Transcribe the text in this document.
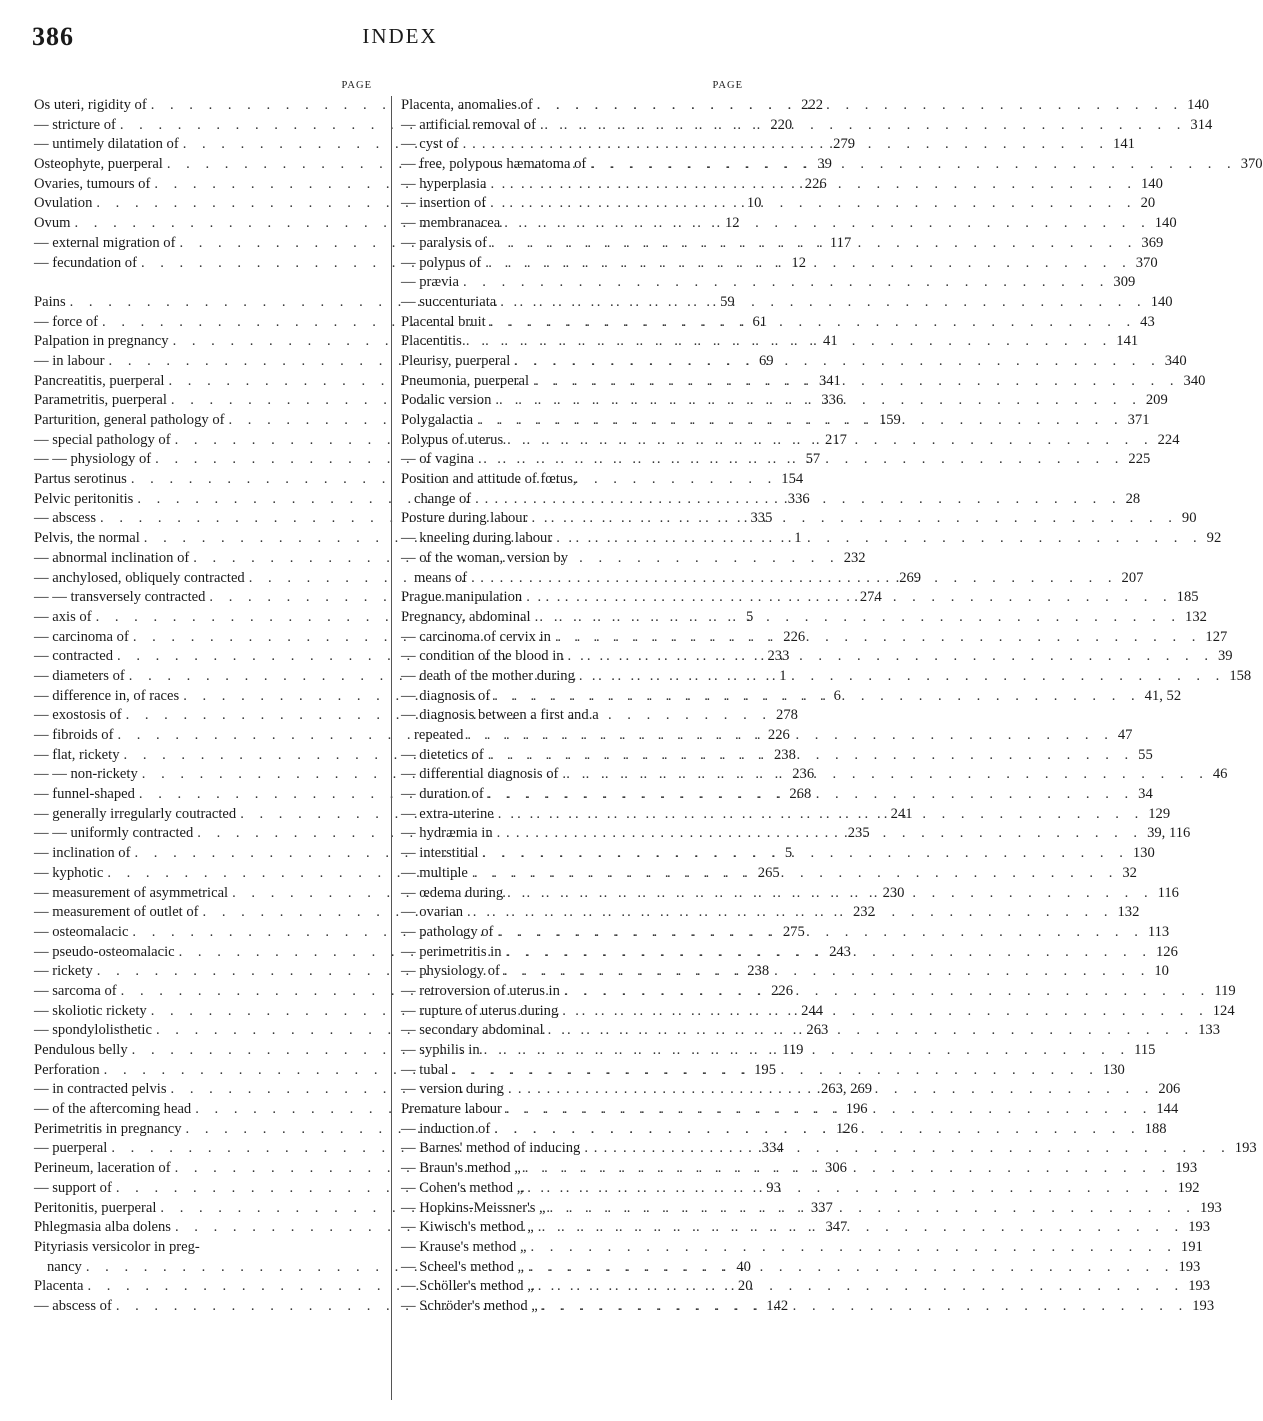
386	INDEX
PAGE
Os uteri, rigidity of . . .	222
— stricture of . . .	220
— untimely dilatation of . . .	279
Osteophyte, puerperal . . .	39
Ovaries, tumours of . . .	226
Ovulation . . .	10
Ovum . . .	12
— external migration of . . .	117
— fecundation of . . .	12
Pains . . .	59
— force of . . .	61
Palpation in pregnancy . . .	41
— in labour . . .	69
Pancreatitis, puerperal . . .	341
Parametritis, puerperal . . .	336
Parturition, general pathology of . . .	159
— special pathology of . . .	217
— — physiology of . . .	57
Partus serotinus . . .	154
Pelvic peritonitis . . .	336
— abscess . . .	335
Pelvis, the normal . . .	1
— abnormal inclination of . . .	232
— anchylosed, obliquely contracted . . .	269
— — transversely contracted . . .	274
— axis of . . .	5
— carcinoma of . . .	226
— contracted . . .	233
— diameters of . . .	1
— difference in, of races . . .	6
— exostosis of . . .	278
— fibroids of . . .	226
— flat, rickety . . .	238
— — non-rickety . . .	236
— funnel-shaped . . .	268
— generally irregularly coutracted . . .	241
— — uniformly contracted . . .	235
— inclination of . . .	5
— kyphotic . . .	265
— measurement of asymmetrical . . .	230
— measurement of outlet of . . .	232
— osteomalacic . . .	275
— pseudo-osteomalacic . . .	243
— rickety . . .	238
— sarcoma of . . .	226
— skoliotic rickety . . .	244
— spondylolisthetic . . .	263
Pendulous belly . . .	119
Perforation . . .	195
— in contracted pelvis . . .	263, 269
— of the aftercoming head . . .	196
Perimetritis in pregnancy . . .	126
— puerperal . . .	334
Perineum, laceration of . . .	306
— support of . . .	93
Peritonitis, puerperal . . .	337
Phlegmasia alba dolens . . .	347
Pityriasis versicolor in preg-
nancy . . .	40
Placenta . . .	20
— abscess of . . .	142
PAGE
Placenta, anomalies of . . .	140
— artificial removal of . . .	314
— cyst of . . .	141
— free, polypous hæmatoma of . . .	370
— hyperplasia . . .	140
— insertion of . . .	20
— membranacea . . .	140
— paralysis of . . .	369
— polypus of . . .	370
— prævia . . .	309
— succenturiata . . .	140
Placental bruit . . .	43
Placentitis . . .	141
Pleurisy, puerperal . . .	340
Pneumonia, puerperal . . .	340
Podalic version . . .	209
Polygalactia . . .	371
Polypus of uterus . . .	224
— of vagina . . .	225
Position and attitude of fœtus,
change of . . .	28
Posture during labour . . .	90
— kneeling during labour . . .	92
— of the woman, version by
means of . . .	207
Prague manipulation . . .	185
Pregnancy, abdominal . . .	132
— carcinoma of cervix in . . .	127
— condition of the blood in . . .	39
— death of the mother during . . .	158
— diagnosis of . . .	41, 52
— diagnosis between a first and a
repeated . . .	47
— dietetics of . . .	55
— differential diagnosis of . . .	46
— duration of . . .	34
— extra-uterine . . .	129
— hydræmia in . . .	39, 116
— interstitial . . .	130
— multiple . . .	32
— œdema during . . .	116
— ovarian . . .	132
— pathology of . . .	113
— perimetritis in . . .	126
— physiology of . . .	10
— retroversion of uterus in . . .	119
— rupture of uterus during . . .	124
— secondary abdominal . . .	133
— syphilis in . . .	115
— tubal . . .	130
— version during . . .	206
Premature labour . . .	144
— induction of . . .	188
— Barnes' method of inducing . . .	193
— Braun's method „ . . .	193
— Cohen's method „ . . .	192
— Hopkins-Meissner's „ . . .	193
— Kiwisch's method „ . . .	193
— Krause's method „ . . .	191
— Scheel's method „ . . .	193
— Schöller's method „ . . .	193
— Schröder's method „ . . .	193
